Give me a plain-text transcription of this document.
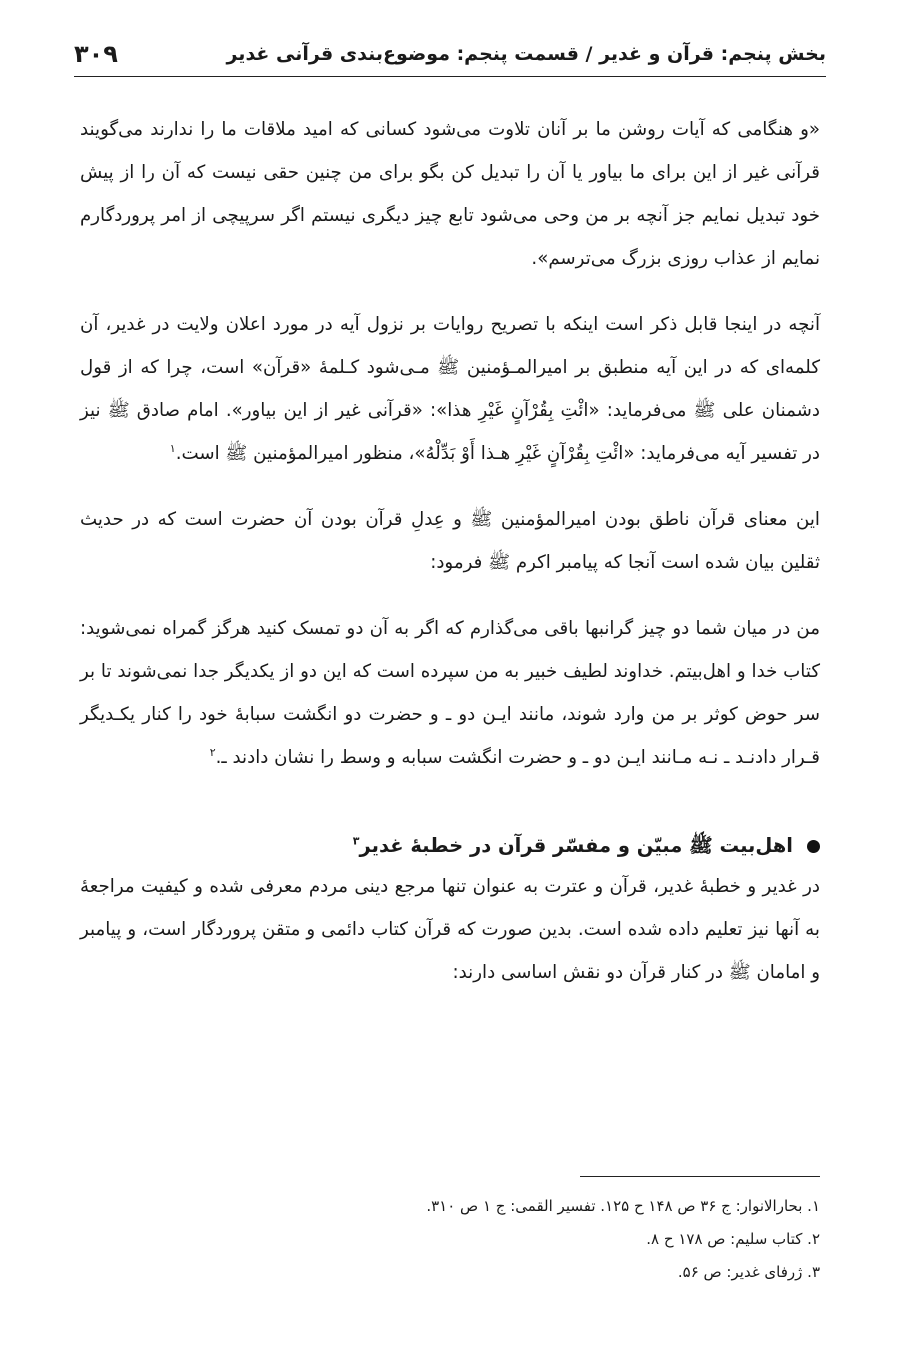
بخش پنجم: قرآن و غدیر / قسمت پنجم: موضوع‌بندی قرآنی غدیر
۳۰۹

«و هنگامی که آیات روشن ما بر آنان تلاوت می‌شود کسانی که امید ملاقات ما را ندارند می‌گویند قرآنی غیر از این برای ما بیاور یا آن را تبدیل کن بگو برای من چنین حقی نیست که آن را از پیش خود تبدیل نمایم جز آنچه بر من وحی می‌شود تابع چیز دیگری نیستم اگر سرپیچی از امر پروردگارم نمایم از عذاب روزی بزرگ می‌ترسم».

آنچه در اینجا قابل ذکر است اینکه با تصریح روایات بر نزول آیه در مورد اعلان ولایت در غدیر، آن کلمه‌ای که در این آیه منطبق بر امیرالمـؤمنین ﷺ مـی‌شود کـلمهٔ «قرآن» است، چرا که از قول دشمنان علی ﷺ می‌فرماید: «ائْتِ بِقُرْآنٍ غَيْرِ هذا»: «قرآنی غیر از این بیاور». امام صادق ﷺ نیز در تفسیر آیه می‌فرماید: «ائْتِ بِقُرْآنٍ غَيْرِ هـذا أَوْ بَدِّلْهُ»، منظور امیرالمؤمنین ﷺ است.$^۱$

این معنای قرآن ناطق بودن امیرالمؤمنین ﷺ و عِدلِ قرآن بودن آن حضرت است که در حدیث ثقلین بیان شده است آنجا که پیامبر اکرم ﷺ فرمود:

من در میان شما دو چیز گرانبها باقی می‌گذارم که اگر به آن دو تمسک کنید هرگز گمراه نمی‌شوید: کتاب خدا و اهل‌بیتم. خداوند لطیف خبیر به من سپرده است که این دو از یکدیگر جدا نمی‌شوند تا بر سر حوض کوثر بر من وارد شوند، مانند ایـن دو ـ و حضرت دو انگشت سبابهٔ خود را کنار یکـدیگر قـرار دادنـد ـ نـه مـانند ایـن دو ـ و حضرت انگشت سبابه و وسط را نشان دادند ـ.$^۲$

اهل‌بیت ﷺ مبیّن و مفسّر قرآن در خطبهٔ غدیر$^۳$

در غدیر و خطبهٔ غدیر، قرآن و عترت به عنوان تنها مرجع دینی مردم معرفی شده و کیفیت مراجعهٔ به آنها نیز تعلیم داده شده است. بدین صورت که قرآن کتاب دائمی و متقن پروردگار است، و پیامبر و امامان ﷺ در کنار قرآن دو نقش اساسی دارند:

۱. بحارالانوار: ج ۳۶ ص ۱۴۸ ح ۱۲۵. تفسیر القمی: ج ۱ ص ۳۱۰.
۲. کتاب سلیم: ص ۱۷۸ ح ۸.
۳. ژرفای غدیر: ص ۵۶.
